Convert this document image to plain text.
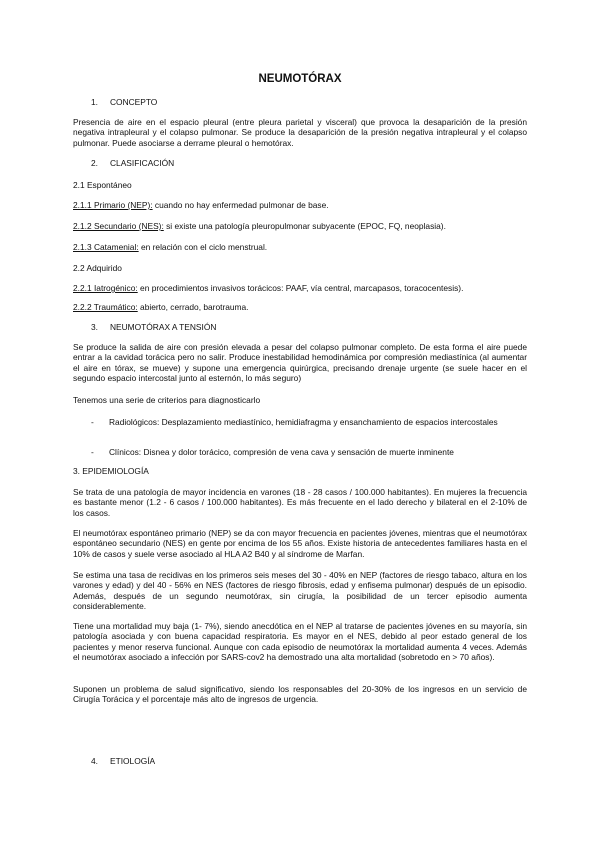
NEUMOTÓRAX
1. CONCEPTO
Presencia de aire en el espacio pleural (entre pleura parietal y visceral) que provoca la desaparición de la presión negativa intrapleural y el colapso pulmonar. Se produce la desaparición de la presión negativa intrapleural y el colapso pulmonar. Puede asociarse a derrame pleural o hemotórax.
2. CLASIFICACIÓN
2.1 Espontáneo
2.1.1 Primario (NEP): cuando no hay enfermedad pulmonar de base.
2.1.2 Secundario (NES): si existe una patología pleuropulmonar subyacente (EPOC, FQ, neoplasia).
2.1.3 Catamenial: en relación con el ciclo menstrual.
2.2 Adquirido
2.2.1 Iatrogénico: en procedimientos invasivos torácicos: PAAF, vía central, marcapasos, toracocentesis).
2.2.2 Traumático: abierto, cerrado, barotrauma.
3. NEUMOTÓRAX A TENSIÓN
Se produce la salida de aire con presión elevada a pesar del colapso pulmonar completo. De esta forma el aire puede entrar a la cavidad torácica pero no salir. Produce inestabilidad hemodinámica por compresión mediastínica (al aumentar el aire en tórax, se mueve) y supone una emergencia quirúrgica, precisando drenaje urgente (se suele hacer en el segundo espacio intercostal junto al esternón, lo más seguro)
Tenemos una serie de criterios para diagnosticarlo
- Radiológicos: Desplazamiento mediastínico, hemidiafragma y ensanchamiento de espacios intercostales
- Clínicos: Disnea y dolor torácico, compresión de vena cava y sensación de muerte inminente
3. EPIDEMIOLOGÍA
Se trata de una patología de mayor incidencia en varones (18 - 28 casos / 100.000 habitantes). En mujeres la frecuencia es bastante menor (1.2 - 6 casos / 100.000 habitantes). Es más frecuente en el lado derecho y bilateral en el 2-10% de los casos.
El neumotórax espontáneo primario (NEP) se da con mayor frecuencia en pacientes jóvenes, mientras que el neumotórax espontáneo secundario (NES) en gente por encima de los 55 años. Existe historia de antecedentes familiares hasta en el 10% de casos y suele verse asociado al HLA A2 B40 y al síndrome de Marfan.
Se estima una tasa de recidivas en los primeros seis meses del 30 - 40% en NEP (factores de riesgo tabaco, altura en los varones y edad) y del 40 - 56% en NES (factores de riesgo fibrosis, edad y enfisema pulmonar) después de un episodio. Además, después de un segundo neumotórax, sin cirugía, la posibilidad de un tercer episodio aumenta considerablemente.
Tiene una mortalidad muy baja (1- 7%), siendo anecdótica en el NEP al tratarse de pacientes jóvenes en su mayoría, sin patología asociada y con buena capacidad respiratoria. Es mayor en el NES, debido al peor estado general de los pacientes y menor reserva funcional. Aunque con cada episodio de neumotórax la mortalidad aumenta 4 veces. Además el neumotórax asociado a infección por SARS-cov2 ha demostrado una alta mortalidad (sobretodo en > 70 años).
Suponen un problema de salud significativo, siendo los responsables del 20-30% de los ingresos en un servicio de Cirugía Torácica y el porcentaje más alto de ingresos de urgencia.
4. ETIOLOGÍA
